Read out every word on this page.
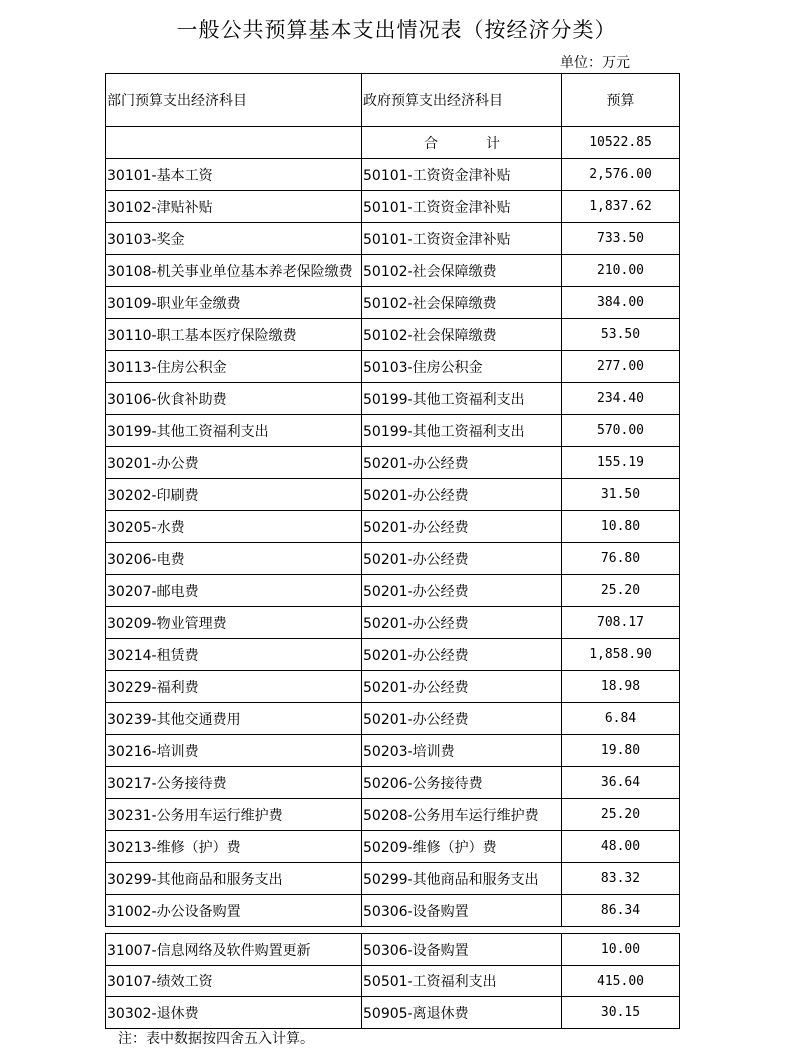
一般公共预算基本支出情况表（按经济分类）
单位：万元
部门预算支出经济科目	政府预算支出经济科目	预算
	合 计	10522.85
30101-基本工资	50101-工资资金津补贴	2,576.00
30102-津贴补贴	50101-工资资金津补贴	1,837.62
30103-奖金	50101-工资资金津补贴	733.50
30108-机关事业单位基本养老保险缴费	50102-社会保障缴费	210.00
30109-职业年金缴费	50102-社会保障缴费	384.00
30110-职工基本医疗保险缴费	50102-社会保障缴费	53.50
30113-住房公积金	50103-住房公积金	277.00
30106-伙食补助费	50199-其他工资福利支出	234.40
30199-其他工资福利支出	50199-其他工资福利支出	570.00
30201-办公费	50201-办公经费	155.19
30202-印刷费	50201-办公经费	31.50
30205-水费	50201-办公经费	10.80
30206-电费	50201-办公经费	76.80
30207-邮电费	50201-办公经费	25.20
30209-物业管理费	50201-办公经费	708.17
30214-租赁费	50201-办公经费	1,858.90
30229-福利费	50201-办公经费	18.98
30239-其他交通费用	50201-办公经费	6.84
30216-培训费	50203-培训费	19.80
30217-公务接待费	50206-公务接待费	36.64
30231-公务用车运行维护费	50208-公务用车运行维护费	25.20
30213-维修（护）费	50209-维修（护）费	48.00
30299-其他商品和服务支出	50299-其他商品和服务支出	83.32
31002-办公设备购置	50306-设备购置	86.34
31007-信息网络及软件购置更新	50306-设备购置	10.00
30107-绩效工资	50501-工资福利支出	415.00
30302-退休费	50905-离退休费	30.15
注：表中数据按四舍五入计算。
